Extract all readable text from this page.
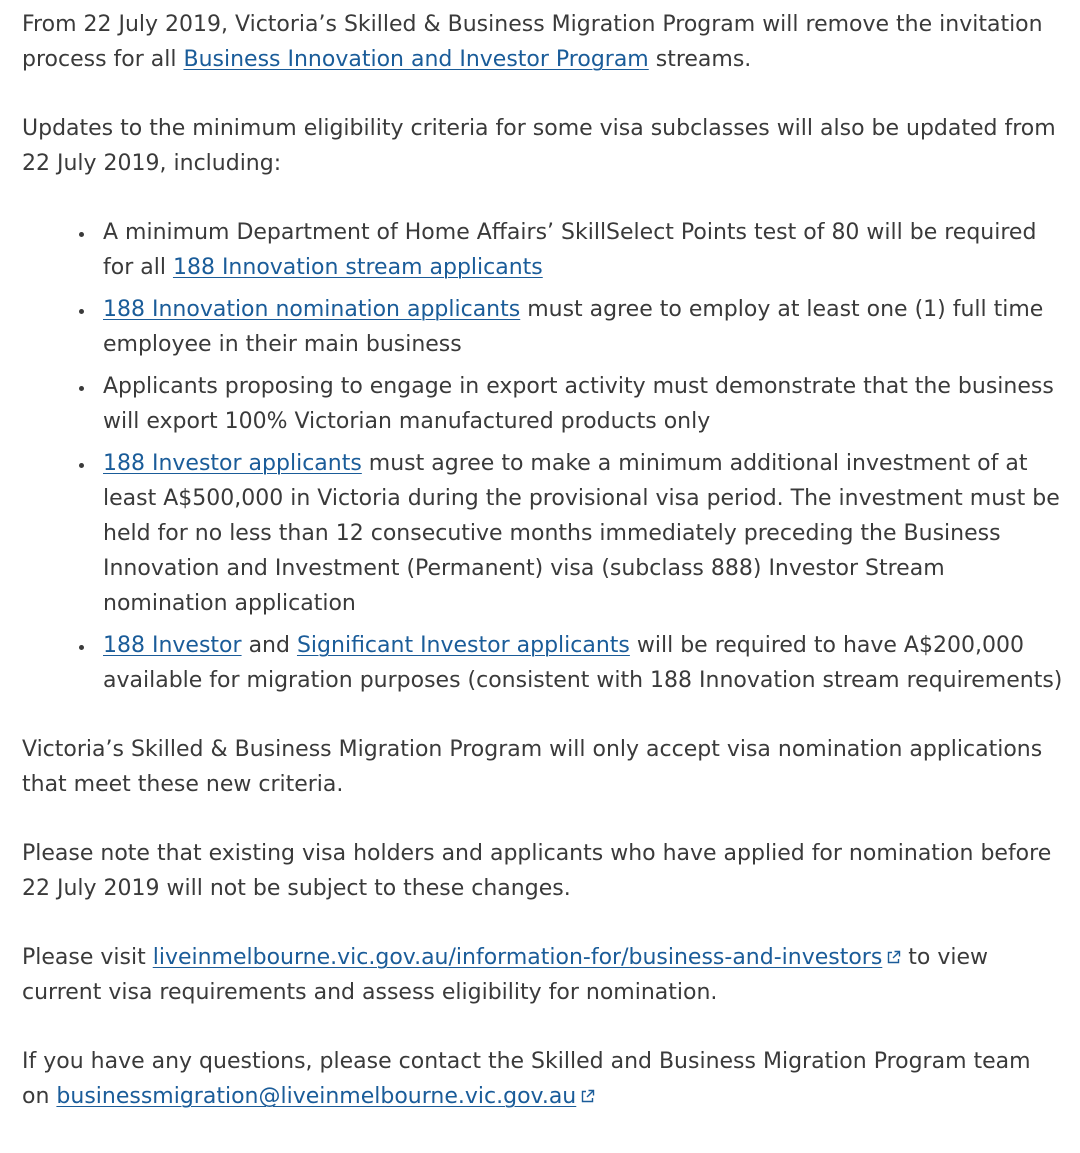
From 22 July 2019, Victoria’s Skilled & Business Migration Program will remove the invitation process for all Business Innovation and Investor Program streams.

Updates to the minimum eligibility criteria for some visa subclasses will also be updated from 22 July 2019, including:

A minimum Department of Home Affairs’ SkillSelect Points test of 80 will be required for all 188 Innovation stream applicants
188 Innovation nomination applicants must agree to employ at least one (1) full time employee in their main business
Applicants proposing to engage in export activity must demonstrate that the business will export 100% Victorian manufactured products only
188 Investor applicants must agree to make a minimum additional investment of at least A$500,000 in Victoria during the provisional visa period. The investment must be held for no less than 12 consecutive months immediately preceding the Business Innovation and Investment (Permanent) visa (subclass 888) Investor Stream nomination application
188 Investor and Significant Investor applicants will be required to have A$200,000 available for migration purposes (consistent with 188 Innovation stream requirements)

Victoria’s Skilled & Business Migration Program will only accept visa nomination applications that meet these new criteria.

Please note that existing visa holders and applicants who have applied for nomination before 22 July 2019 will not be subject to these changes.

Please visit liveinmelbourne.vic.gov.au/information-for/business-and-investors
to view current visa requirements and assess eligibility for nomination.

If you have any questions, please contact the Skilled and Business Migration Program team on businessmigration@liveinmelbourne.vic.gov.au
